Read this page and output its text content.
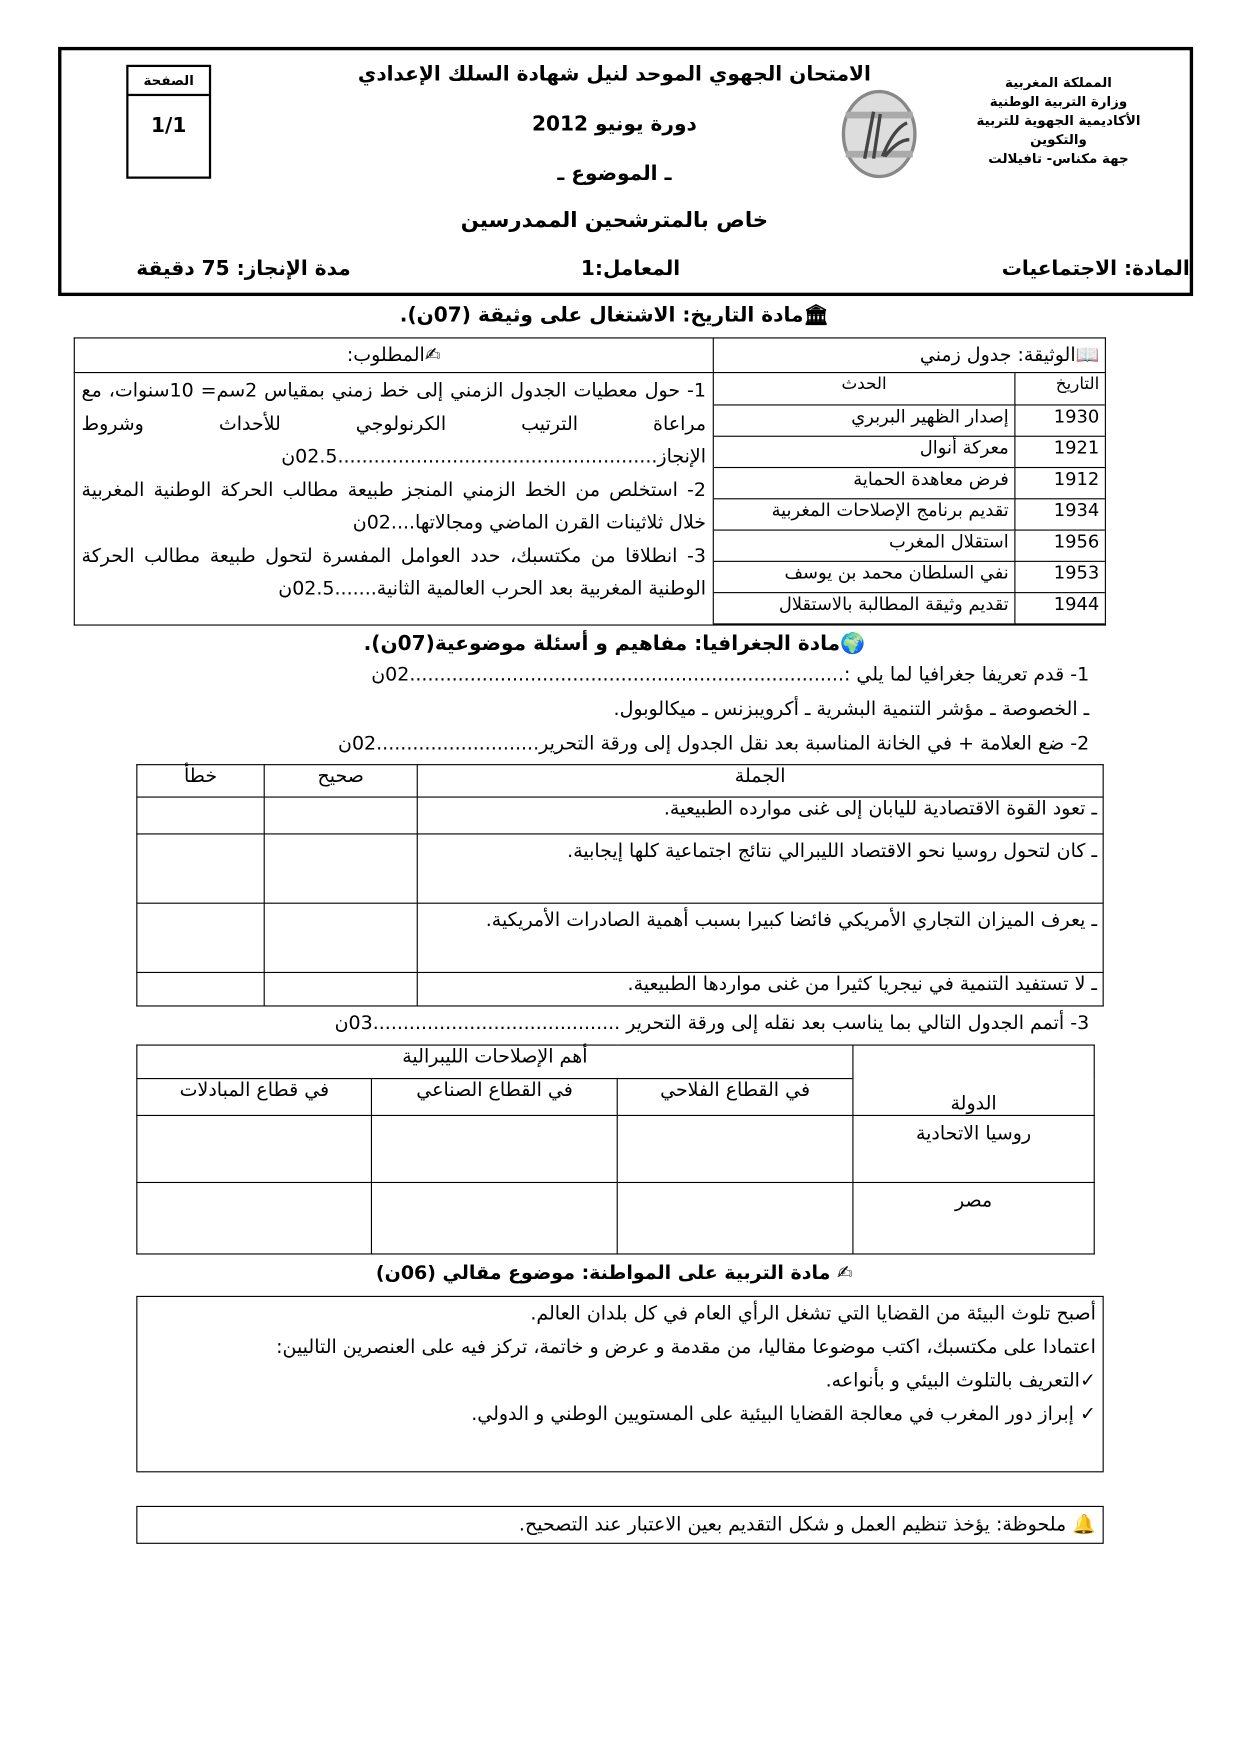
الصفحة
1/1
الامتحان الجهوي الموحد لنيل شهادة السلك الإعدادي
دورة يونيو 2012
ـ الموضوع ـ
خاص بالمترشحين الممدرسين
المملكة المغربية
وزارة التربية الوطنية
الأكاديمية الجهوية للتربية
والتكوين
جهة مكناس- تافيلالت
المادة: الاجتماعيات
المعامل:1
مدة الإنجاز: 75 دقيقة
🏛مادة التاريخ: الاشتغال على وثيقة (07ن).
📖الوثيقة: جدول زمني	✍المطلوب:

التاريخ	الحدث
1930	إصدار الظهير البربري
1921	معركة أنوال
1912	فرض معاهدة الحماية
1934	تقديم برنامج الإصلاحات المغربية
1956	استقلال المغرب
1953	نفي السلطان محمد بن يوسف
1944	تقديم وثيقة المطالبة بالاستقلال

1- حول معطيات الجدول الزمني إلى خط زمني بمقياس 2سم= 10سنوات، مع مراعاة الترتيب الكرنولوجي للأحداث وشروط الإنجاز.....................................................02.5ن
2- استخلص من الخط الزمني المنجز طبيعة مطالب الحركة الوطنية المغربية خلال ثلاثينات القرن الماضي ومجالاتها....02ن
3- انطلاقا من مكتسبك، حدد العوامل المفسرة لتحول طبيعة مطالب الحركة الوطنية المغربية بعد الحرب العالمية الثانية.......02.5ن
🌍مادة الجغرافيا: مفاهيم و أسئلة موضوعية(07ن).
1- قدم تعريفا جغرافيا لما يلي :........................................................................02ن
ـ الخصوصة ـ مؤشر التنمية البشرية ـ أكرويبزنس ـ ميكالوبول.
2- ضع العلامة + في الخانة المناسبة بعد نقل الجدول إلى ورقة التحرير...........................02ن
الجملة	صحيح	خطأ
ـ تعود القوة الاقتصادية لليابان إلى غنى موارده الطبيعية.		
ـ كان لتحول روسيا نحو الاقتصاد الليبرالي نتائج اجتماعية كلها إيجابية.		
ـ يعرف الميزان التجاري الأمريكي فائضا كبيرا بسبب أهمية الصادرات الأمريكية.		
ـ لا تستفيد التنمية في نيجريا كثيرا من غنى مواردها الطبيعية.		
3- أتمم الجدول التالي بما يناسب بعد نقله إلى ورقة التحرير .........................................03ن
الدولة	أهم الإصلاحات الليبرالية		
	في القطاع الفلاحي	في القطاع الصناعي	في قطاع المبادلات
روسيا الاتحادية			
مصر			
✍ مادة التربية على المواطنة: موضوع مقالي (06ن)
أصبح تلوث البيئة من القضايا التي تشغل الرأي العام في كل بلدان العالم.
اعتمادا على مكتسبك، اكتب موضوعا مقاليا، من مقدمة و عرض و خاتمة، تركز فيه على العنصرين التاليين:
✓التعريف بالتلوث البيئي و بأنواعه.
✓ إبراز دور المغرب في معالجة القضايا البيئية على المستويين الوطني و الدولي.
🔔 ملحوظة: يؤخذ تنظيم العمل و شكل التقديم بعين الاعتبار عند التصحيح.
